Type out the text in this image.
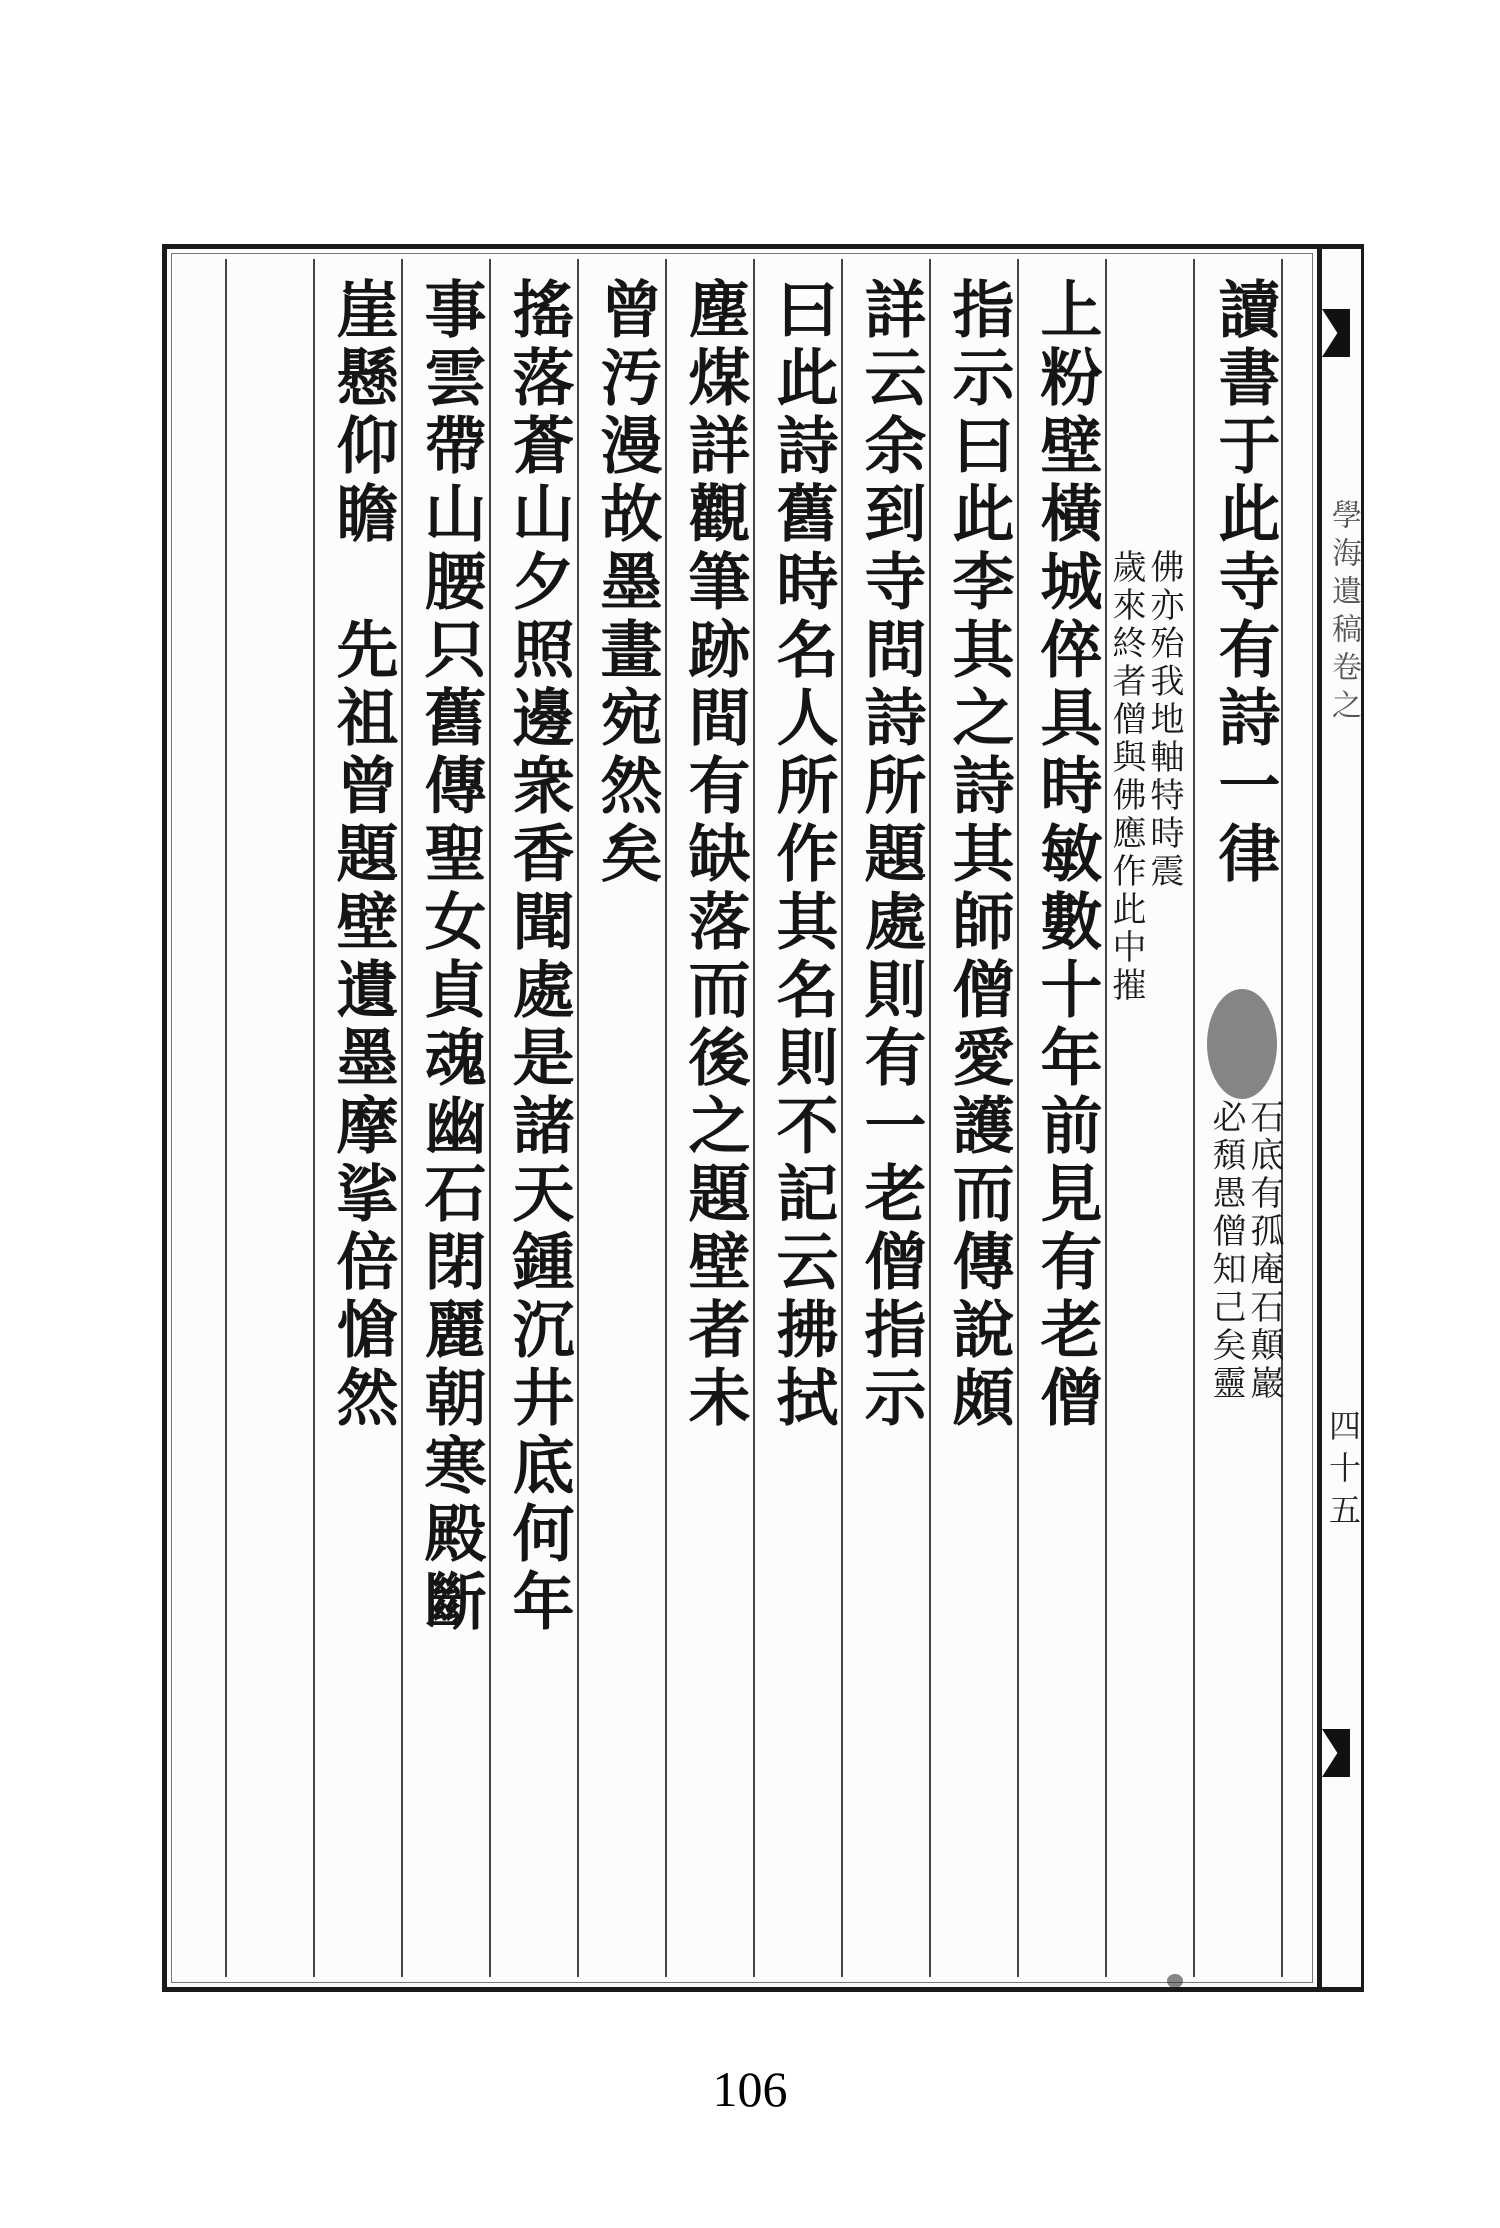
學海遺稿卷之
四十五
讀書于此寺有詩一律
石底有孤庵石顛巖
必頹愚僧知己矣靈
佛亦殆我地軸特時震
歲來終者僧與佛應作此中摧
上粉壁橫城倅具時敏數十年前見有老僧
指示曰此李其之詩其師僧愛護而傳說頗
詳云余到寺問詩所題處則有一老僧指示
曰此詩舊時名人所作其名則不記云拂拭
塵煤詳觀筆跡間有缺落而後之題壁者未
曾汚漫故墨畫宛然矣
搖落蒼山夕照邊衆香聞處是諸天鍾沉井底何年
事雲帶山腰只舊傳聖女貞魂幽石閉麗朝寒殿斷
崖懸仰瞻　先祖曾題壁遺墨摩挲倍愴然
106
